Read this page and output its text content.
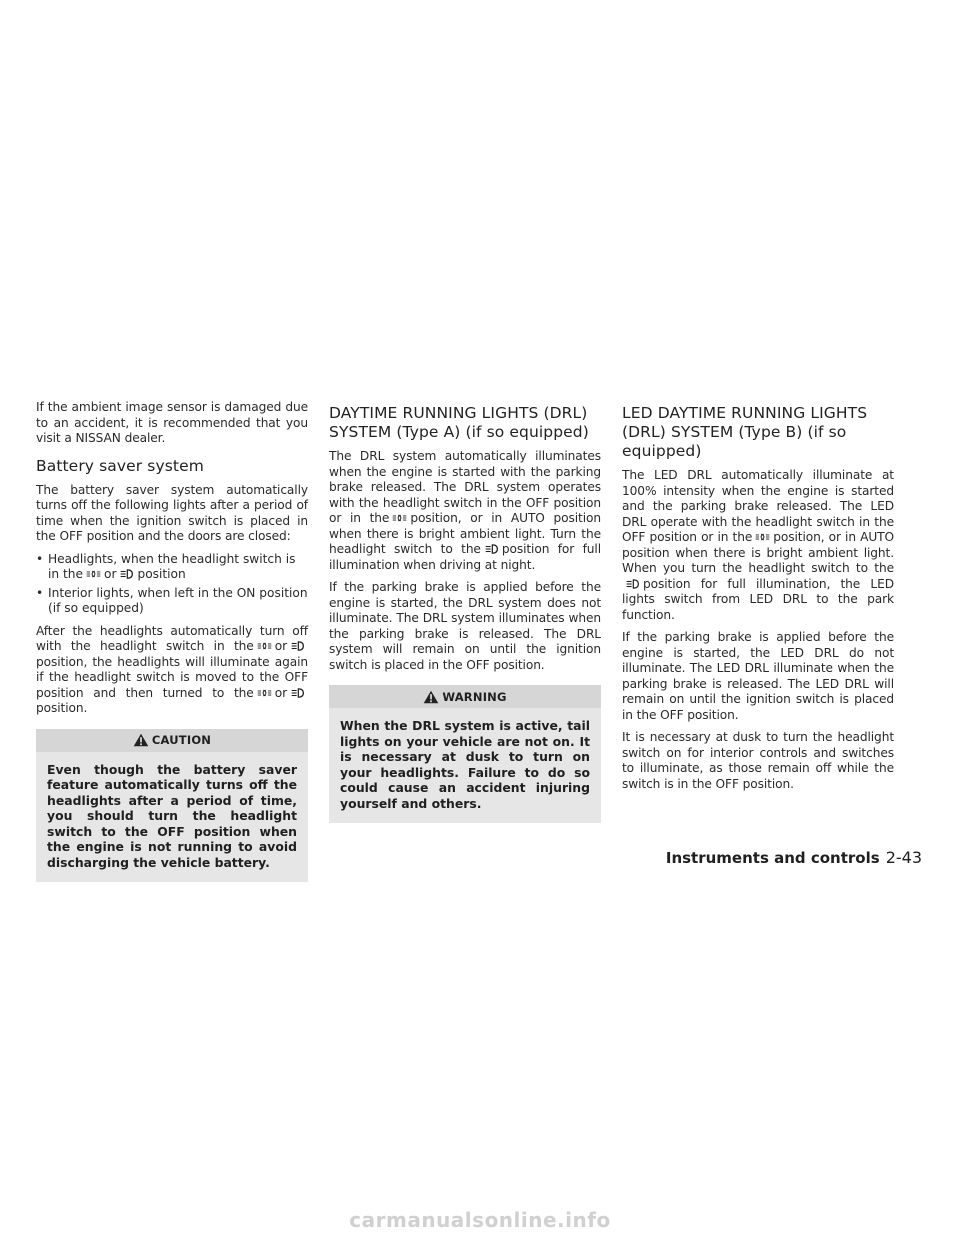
If the ambient image sensor is damaged due to an accident, it is recommended that you visit a NISSAN dealer.

Battery saver system

The battery saver system automatically turns off the following lights after a period of time when the ignition switch is placed in the OFF position and the doors are closed:

• Headlights, when the headlight switch is in the or position
• Interior lights, when left in the ON position (if so equipped)

After the headlights automatically turn off with the headlight switch in the orposition, the headlights will illuminate again if the headlight switch is moved to the OFF position and then turned to the orposition.

CAUTION
Even though the battery saver feature automatically turns off the headlights after a period of time, you should turn the headlight switch to the OFF position when the engine is not running to avoid discharging the vehicle battery.
DAYTIME RUNNING LIGHTS (DRL) SYSTEM (Type A) (if so equipped)

The DRL system automatically illuminates when the engine is started with the parking brake released. The DRL system operates with the headlight switch in the OFF position or in the position, or in AUTO position when there is bright ambient light. Turn the headlight switch to the position for full illumination when driving at night.

If the parking brake is applied before the engine is started, the DRL system does not illuminate. The DRL system illuminates when the parking brake is released. The DRL system will remain on until the ignition switch is placed in the OFF position.

WARNING
When the DRL system is active, tail lights on your vehicle are not on. It is necessary at dusk to turn on your headlights. Failure to do so could cause an accident injuring yourself and others.
LED DAYTIME RUNNING LIGHTS (DRL) SYSTEM (Type B) (if so equipped)

The LED DRL automatically illuminate at 100% intensity when the engine is started and the parking brake released. The LED DRL operate with the headlight switch in the OFF position or in the position, or in AUTO position when there is bright ambient light. When you turn the headlight switch to theposition for full illumination, the LED lights switch from LED DRL to the park function.

If the parking brake is applied before the engine is started, the LED DRL do not illuminate. The LED DRL illuminate when the parking brake is released. The LED DRL will remain on until the ignition switch is placed in the OFF position.

It is necessary at dusk to turn the headlight switch on for interior controls and switches to illuminate, as those remain off while the switch is in the OFF position.

Instruments and controls 2-43
carmanualsonline.info
